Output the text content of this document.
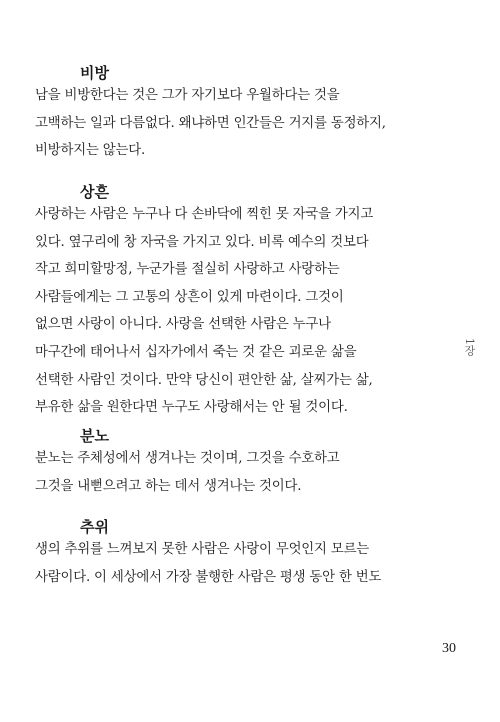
비방
남을 비방한다는 것은 그가 자기보다 우월하다는 것을
고백하는 일과 다름없다. 왜냐하면 인간들은 거지를 동정하지,
비방하지는 않는다.
상흔
사랑하는 사람은 누구나 다 손바닥에 찍힌 못 자국을 가지고
있다. 옆구리에 창 자국을 가지고 있다. 비록 예수의 것보다
작고 희미할망정, 누군가를 절실히 사랑하고 사랑하는
사람들에게는 그 고통의 상흔이 있게 마련이다. 그것이
없으면 사랑이 아니다. 사랑을 선택한 사람은 누구나
마구간에 태어나서 십자가에서 죽는 것 같은 괴로운 삶을
선택한 사람인 것이다. 만약 당신이 편안한 삶, 살찌가는 삶,
부유한 삶을 원한다면 누구도 사랑해서는 안 될 것이다.
분노
분노는 주체성에서 생겨나는 것이며, 그것을 수호하고
그것을 내뻗으려고 하는 데서 생겨나는 것이다.
추위
생의 추위를 느껴보지 못한 사람은 사랑이 무엇인지 모르는
사람이다. 이 세상에서 가장 불행한 사람은 평생 동안 한 번도
1장
30
